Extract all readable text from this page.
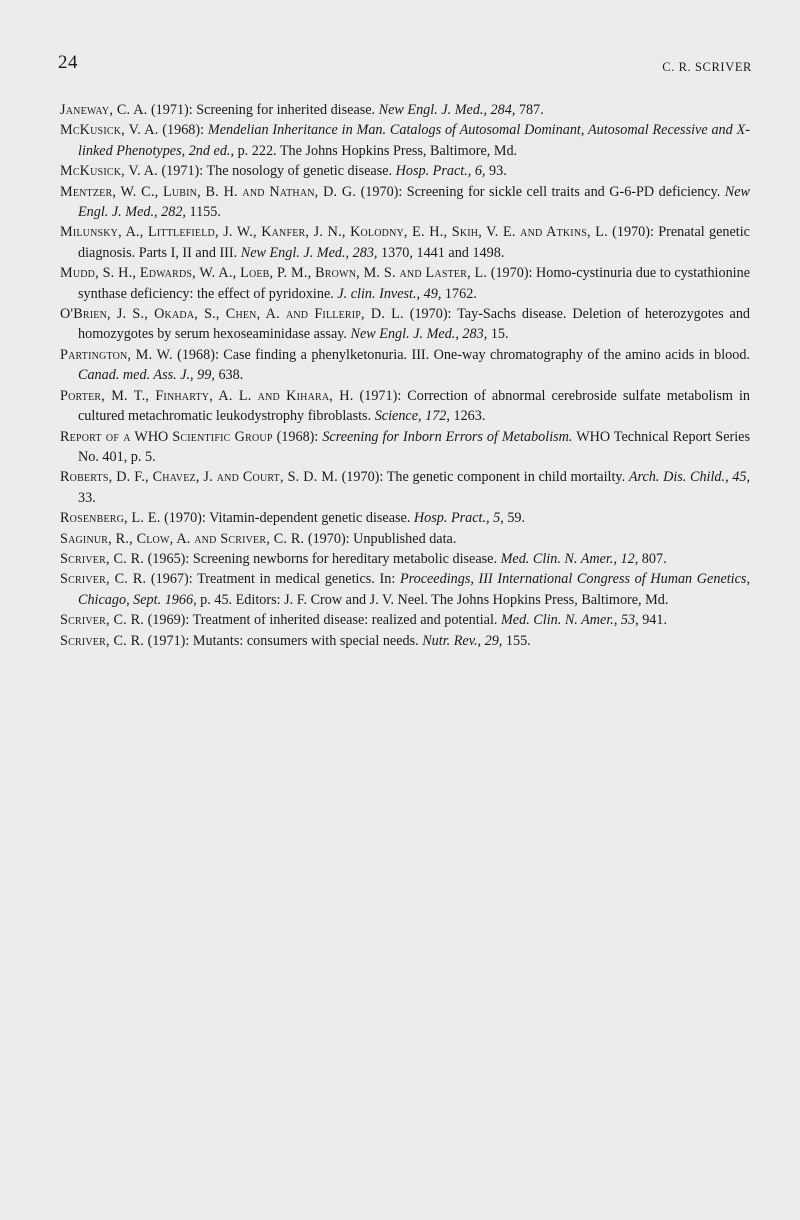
24	C. R. SCRIVER
Janeway, C. A. (1971): Screening for inherited disease. New Engl. J. Med., 284, 787.
McKusick, V. A. (1968): Mendelian Inheritance in Man. Catalogs of Autosomal Dominant, Autosomal Recessive and X-linked Phenotypes, 2nd ed., p. 222. The Johns Hopkins Press, Baltimore, Md.
McKusick, V. A. (1971): The nosology of genetic disease. Hosp. Pract., 6, 93.
Mentzer, W. C., Lubin, B. H. and Nathan, D. G. (1970): Screening for sickle cell traits and G-6-PD deficiency. New Engl. J. Med., 282, 1155.
Milunsky, A., Littlefield, J. W., Kanfer, J. N., Kolodny, E. H., Skih, V. E. and Atkins, L. (1970): Prenatal genetic diagnosis. Parts I, II and III. New Engl. J. Med., 283, 1370, 1441 and 1498.
Mudd, S. H., Edwards, W. A., Loeb, P. M., Brown, M. S. and Laster, L. (1970): Homo-cystinuria due to cystathionine synthase deficiency: the effect of pyridoxine. J. clin. Invest., 49, 1762.
O'Brien, J. S., Okada, S., Chen, A. and Fillerip, D. L. (1970): Tay-Sachs disease. Deletion of heterozygotes and homozygotes by serum hexoseaminidase assay. New Engl. J. Med., 283, 15.
Partington, M. W. (1968): Case finding a phenylketonuria. III. One-way chromatography of the amino acids in blood. Canad. med. Ass. J., 99, 638.
Porter, M. T., Finharty, A. L. and Kihara, H. (1971): Correction of abnormal cerebroside sulfate metabolism in cultured metachromatic leukodystrophy fibroblasts. Science, 172, 1263.
Report of a WHO Scientific Group (1968): Screening for Inborn Errors of Metabolism. WHO Technical Report Series No. 401, p. 5.
Roberts, D. F., Chavez, J. and Court, S. D. M. (1970): The genetic component in child mortailty. Arch. Dis. Child., 45, 33.
Rosenberg, L. E. (1970): Vitamin-dependent genetic disease. Hosp. Pract., 5, 59.
Saginur, R., Clow, A. and Scriver, C. R. (1970): Unpublished data.
Scriver, C. R. (1965): Screening newborns for hereditary metabolic disease. Med. Clin. N. Amer., 12, 807.
Scriver, C. R. (1967): Treatment in medical genetics. In: Proceedings, III International Congress of Human Genetics, Chicago, Sept. 1966, p. 45. Editors: J. F. Crow and J. V. Neel. The Johns Hopkins Press, Baltimore, Md.
Scriver, C. R. (1969): Treatment of inherited disease: realized and potential. Med. Clin. N. Amer., 53, 941.
Scriver, C. R. (1971): Mutants: consumers with special needs. Nutr. Rev., 29, 155.
